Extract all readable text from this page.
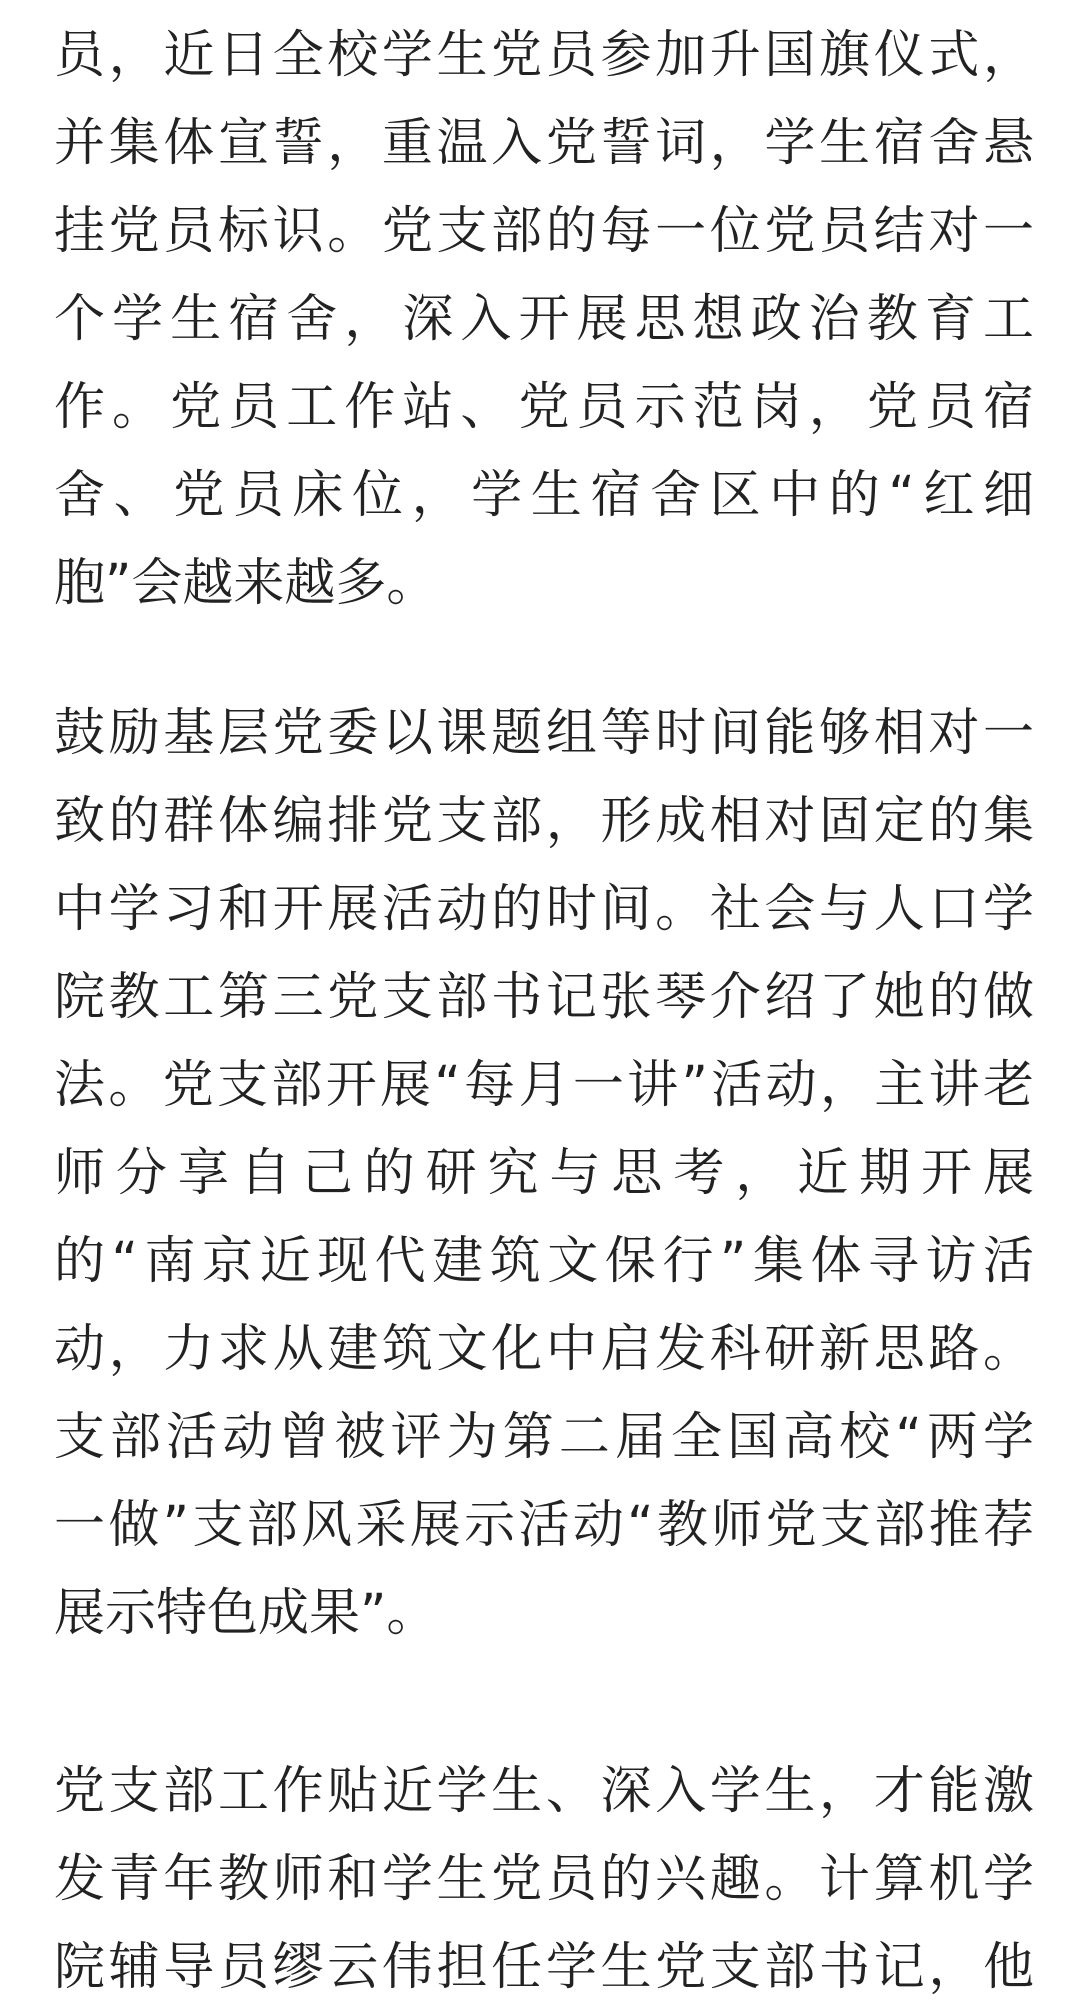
员，近日全校学生党员参加升国旗仪式，
并集体宣誓，重温入党誓词，学生宿舍悬
挂党员标识。党支部的每一位党员结对一
个学生宿舍，深入开展思想政治教育工
作。党员工作站、党员示范岗，党员宿
舍、党员床位，学生宿舍区中的“红细
胞”会越来越多。
鼓励基层党委以课题组等时间能够相对一
致的群体编排党支部，形成相对固定的集
中学习和开展活动的时间。社会与人口学
院教工第三党支部书记张琴介绍了她的做
法。党支部开展“每月一讲”活动，主讲老
师分享自己的研究与思考，近期开展
的“南京近现代建筑文保行”集体寻访活
动，力求从建筑文化中启发科研新思路。
支部活动曾被评为第二届全国高校“两学
一做”支部风采展示活动“教师党支部推荐
展示特色成果”。
党支部工作贴近学生、深入学生，才能激
发青年教师和学生党员的兴趣。计算机学
院辅导员缪云伟担任学生党支部书记，他
